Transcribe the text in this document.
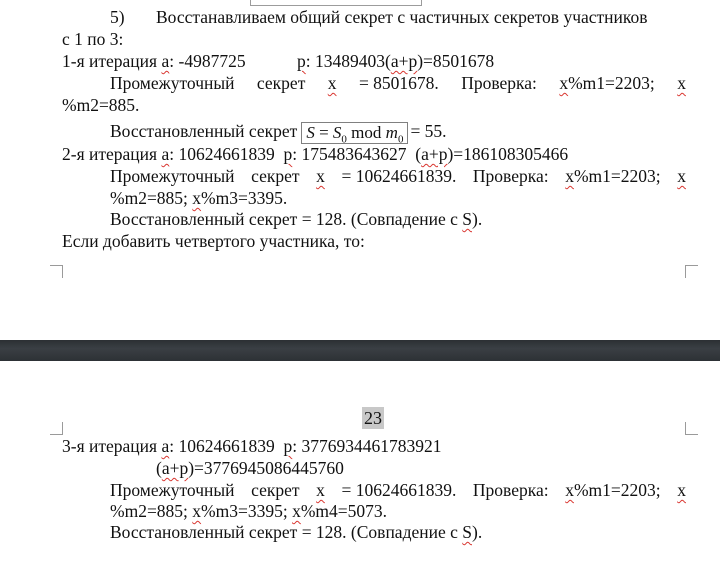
5) Восстанавливаем общий секрет с частичных секретов участников
с 1 по 3:
1-я итерация a: -4987725	p: 13489403(a+p)=8501678
Промежуточный секрет x = 8501678. Проверка: x%m1=2203; x
%m2=885.
Восстановленный секрет $S = S_0$ mod $m_0 = 55$.
2-я итерация a: 10624661839 p: 175483643627  (a+p)=186108305466
Промежуточный секрет x = 10624661839. Проверка: x%m1=2203; x
%m2=885; x%m3=3395.
Восстановленный секрет = 128. (Совпадение с S).
Если добавить четвертого участника, то:
23
3-я итерация a: 10624661839 p: 3776934461783921
(a+p)=3776945086445760
Промежуточный секрет x = 10624661839. Проверка: x%m1=2203; x
%m2=885; x%m3=3395; x%m4=5073.
Восстановленный секрет = 128. (Совпадение с S).
